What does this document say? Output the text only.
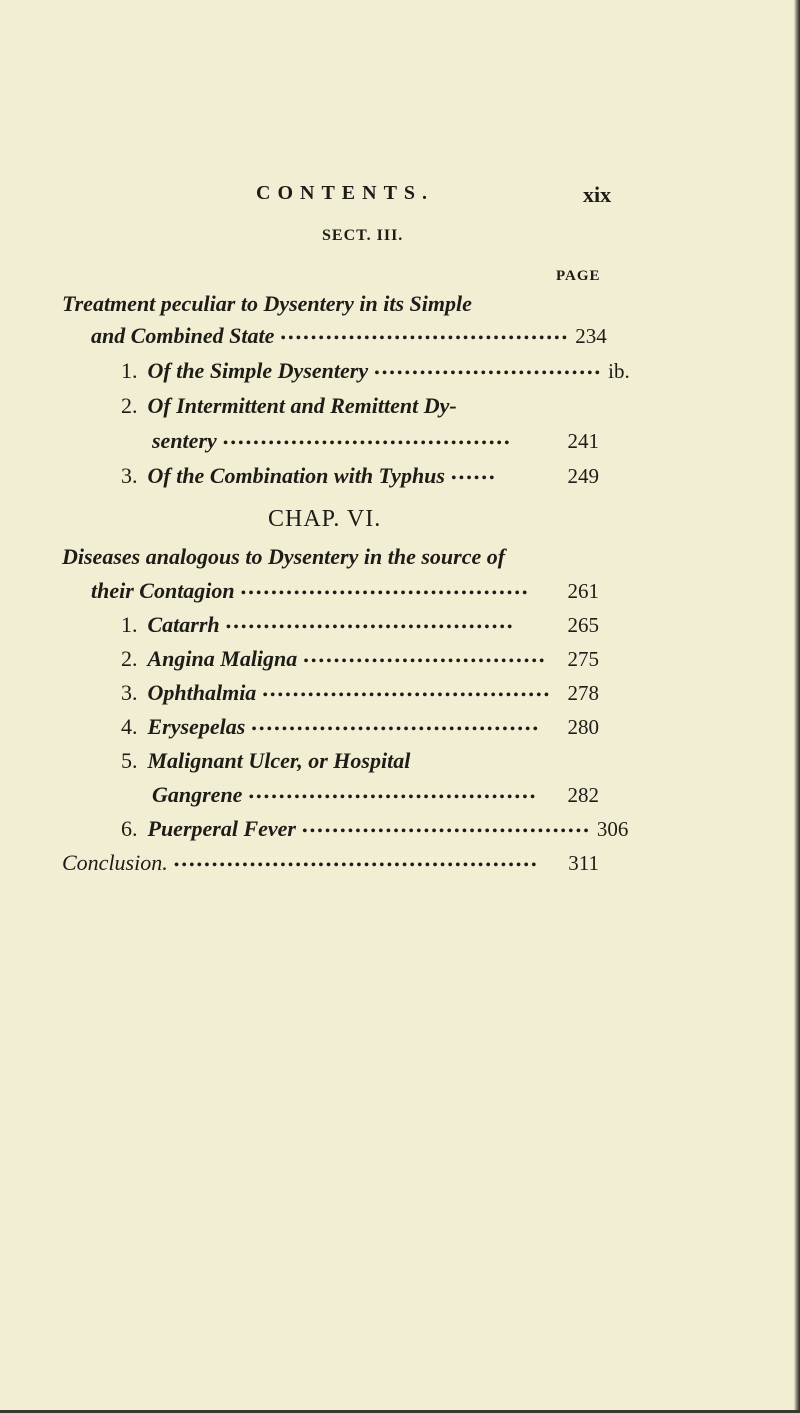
CONTENTS.	xix
SECT. III.
PAGE
Treatment peculiar to Dysentery in its Simple
and Combined State •••••••••••••••••••••••••••••••••••••• 234
1. Of the Simple Dysentery •••••••••••••••••••••••••••••• ib.
2. Of Intermittent and Remittent Dy-
sentery ••••••••••••••••••••••••••••••••••••••	241
3. Of the Combination with Typhus ••••••	249
CHAP. VI.
Diseases analogous to Dysentery in the source of
their Contagion ••••••••••••••••••••••••••••••••••••••	261
1. Catarrh ••••••••••••••••••••••••••••••••••••••	265
2. Angina Maligna •••••••••••••••••••••••••••••••• 275
3. Ophthalmia •••••••••••••••••••••••••••••••••••••• 278
4. Erysepelas ••••••••••••••••••••••••••••••••••••••	280
5. Malignant Ulcer, or Hospital
Gangrene ••••••••••••••••••••••••••••••••••••••	282
6. Puerperal Fever •••••••••••••••••••••••••••••••••••••• 306
Conclusion. ••••••••••••••••••••••••••••••••••••••••••••••••	311
